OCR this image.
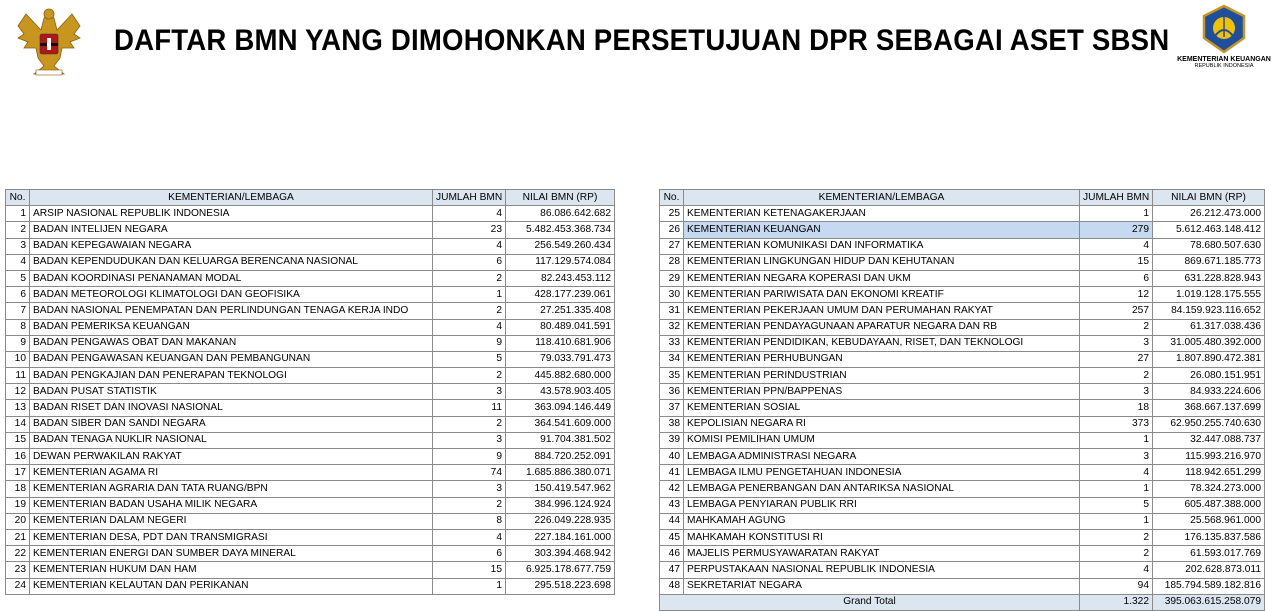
DAFTAR BMN YANG DIMOHONKAN PERSETUJUAN DPR SEBAGAI ASET SBSN
KEMENTERIAN KEUANGAN
REPUBLIK INDONESIA
No.	KEMENTERIAN/LEMBAGA	JUMLAH BMN	NILAI BMN (RP)
1	ARSIP NASIONAL REPUBLIK INDONESIA	4	86.086.642.682
2	BADAN INTELIJEN NEGARA	23	5.482.453.368.734
3	BADAN KEPEGAWAIAN NEGARA	4	256.549.260.434
4	BADAN KEPENDUDUKAN DAN KELUARGA BERENCANA NASIONAL	6	117.129.574.084
5	BADAN KOORDINASI PENANAMAN MODAL	2	82.243.453.112
6	BADAN METEOROLOGI KLIMATOLOGI DAN GEOFISIKA	1	428.177.239.061
7	BADAN NASIONAL PENEMPATAN DAN PERLINDUNGAN TENAGA KERJA INDO	2	27.251.335.408
8	BADAN PEMERIKSA KEUANGAN	4	80.489.041.591
9	BADAN PENGAWAS OBAT DAN MAKANAN	9	118.410.681.906
10	BADAN PENGAWASAN KEUANGAN DAN PEMBANGUNAN	5	79.033.791.473
11	BADAN PENGKAJIAN DAN PENERAPAN TEKNOLOGI	2	445.882.680.000
12	BADAN PUSAT STATISTIK	3	43.578.903.405
13	BADAN RISET DAN INOVASI NASIONAL	11	363.094.146.449
14	BADAN SIBER DAN SANDI NEGARA	2	364.541.609.000
15	BADAN TENAGA NUKLIR NASIONAL	3	91.704.381.502
16	DEWAN PERWAKILAN RAKYAT	9	884.720.252.091
17	KEMENTERIAN AGAMA RI	74	1.685.886.380.071
18	KEMENTERIAN AGRARIA DAN TATA RUANG/BPN	3	150.419.547.962
19	KEMENTERIAN BADAN USAHA MILIK NEGARA	2	384.996.124.924
20	KEMENTERIAN DALAM NEGERI	8	226.049.228.935
21	KEMENTERIAN DESA, PDT DAN TRANSMIGRASI	4	227.184.161.000
22	KEMENTERIAN ENERGI DAN SUMBER DAYA MINERAL	6	303.394.468.942
23	KEMENTERIAN HUKUM DAN HAM	15	6.925.178.677.759
24	KEMENTERIAN KELAUTAN DAN PERIKANAN	1	295.518.223.698
No.	KEMENTERIAN/LEMBAGA	JUMLAH BMN	NILAI BMN (RP)
25	KEMENTERIAN KETENAGAKERJAAN	1	26.212.473.000
26	KEMENTERIAN KEUANGAN	279	5.612.463.148.412
27	KEMENTERIAN KOMUNIKASI DAN INFORMATIKA	4	78.680.507.630
28	KEMENTERIAN LINGKUNGAN HIDUP DAN KEHUTANAN	15	869.671.185.773
29	KEMENTERIAN NEGARA KOPERASI DAN UKM	6	631.228.828.943
30	KEMENTERIAN PARIWISATA DAN EKONOMI KREATIF	12	1.019.128.175.555
31	KEMENTERIAN PEKERJAAN UMUM DAN PERUMAHAN RAKYAT	257	84.159.923.116.652
32	KEMENTERIAN PENDAYAGUNAAN APARATUR NEGARA DAN RB	2	61.317.038.436
33	KEMENTERIAN PENDIDIKAN, KEBUDAYAAN, RISET, DAN TEKNOLOGI	3	31.005.480.392.000
34	KEMENTERIAN PERHUBUNGAN	27	1.807.890.472.381
35	KEMENTERIAN PERINDUSTRIAN	2	26.080.151.951
36	KEMENTERIAN PPN/BAPPENAS	3	84.933.224.606
37	KEMENTERIAN SOSIAL	18	368.667.137.699
38	KEPOLISIAN NEGARA RI	373	62.950.255.740.630
39	KOMISI PEMILIHAN UMUM	1	32.447.088.737
40	LEMBAGA ADMINISTRASI NEGARA	3	115.993.216.970
41	LEMBAGA ILMU PENGETAHUAN INDONESIA	4	118.942.651.299
42	LEMBAGA PENERBANGAN DAN ANTARIKSA NASIONAL	1	78.324.273.000
43	LEMBAGA PENYIARAN PUBLIK RRI	5	605.487.388.000
44	MAHKAMAH AGUNG	1	25.568.961.000
45	MAHKAMAH KONSTITUSI RI	2	176.135.837.586
46	MAJELIS PERMUSYAWARATAN RAKYAT	2	61.593.017.769
47	PERPUSTAKAAN NASIONAL REPUBLIK INDONESIA	4	202.628.873.011
48	SEKRETARIAT NEGARA	94	185.794.589.182.816
Grand Total		1.322	395.063.615.258.079
